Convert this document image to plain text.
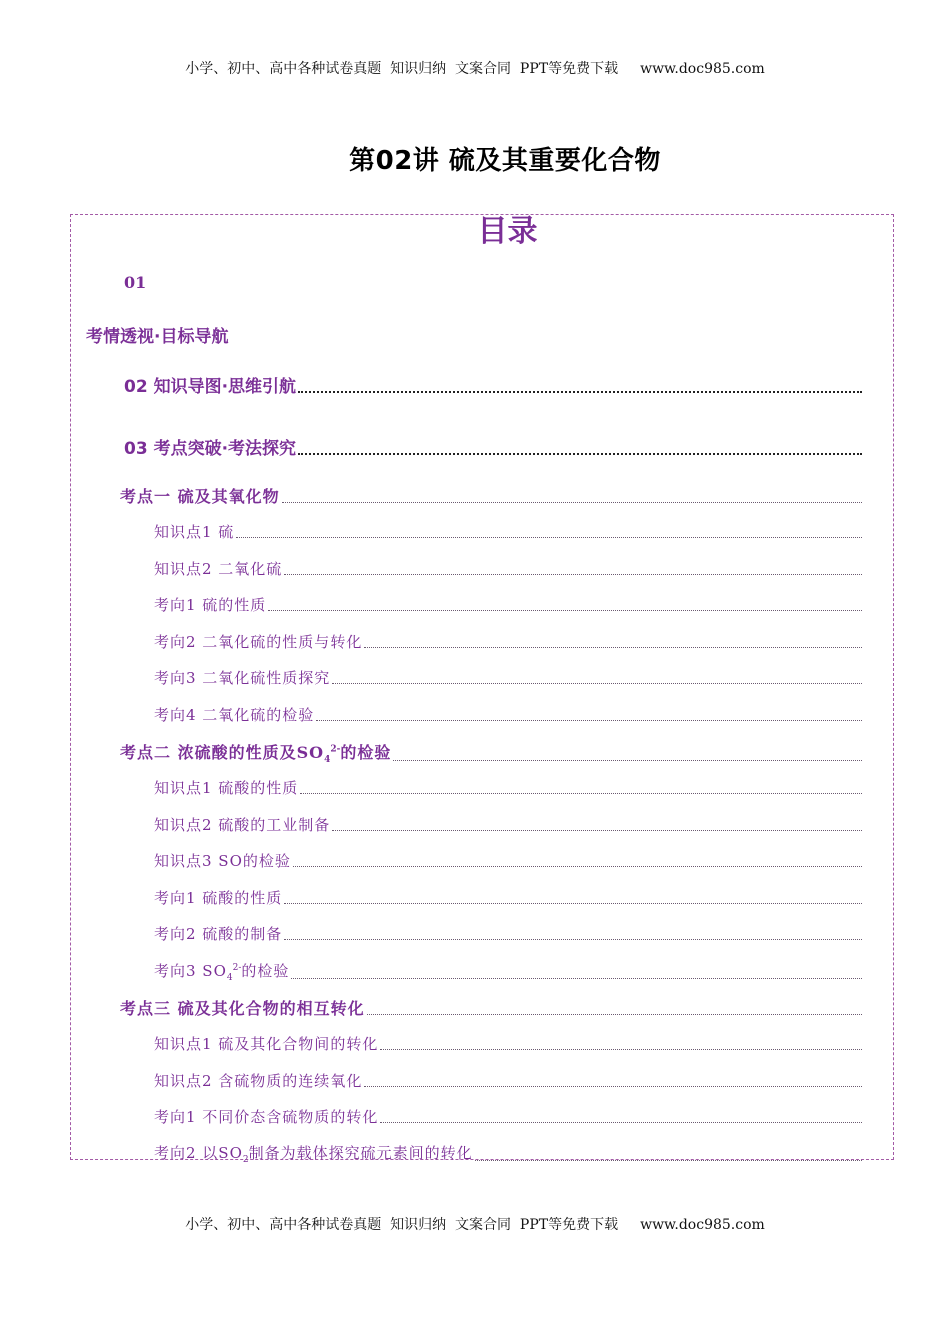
小学、初中、高中各种试卷真题  知识归纳  文案合同  PPT等免费下载 www.doc985.com
第02讲 硫及其重要化合物
目录
01
考情透视·目标导航
02 知识导图·思维引航
03 考点突破·考法探究
考点一 硫及其氧化物
知识点1 硫
知识点2 二氧化硫
考向1 硫的性质
考向2 二氧化硫的性质与转化
考向3 二氧化硫性质探究
考向4 二氧化硫的检验
考点二 浓硫酸的性质及$SO_4^{2-}$的检验
知识点1 硫酸的性质
知识点2 硫酸的工业制备
知识点3 SO的检验
考向1 硫酸的性质
考向2 硫酸的制备
考向3 $SO_4^{2-}$的检验
考点三 硫及其化合物的相互转化
知识点1 硫及其化合物间的转化
知识点2 含硫物质的连续氧化
考向1 不同价态含硫物质的转化
考向2 以$SO_2$制备为载体探究硫元素间的转化
小学、初中、高中各种试卷真题  知识归纳  文案合同  PPT等免费下载 www.doc985.com
